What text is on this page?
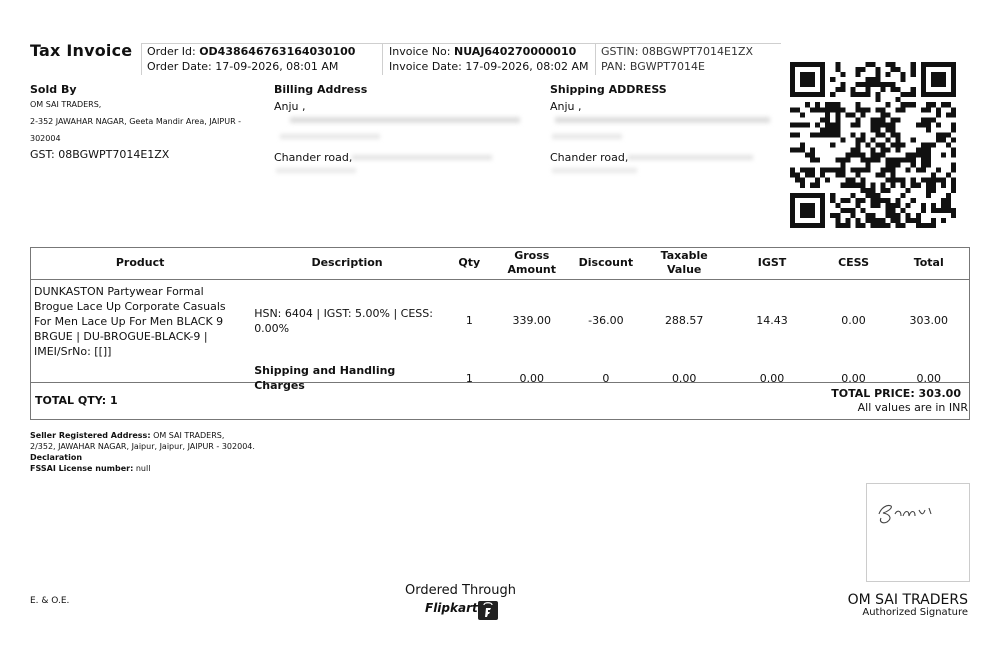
Tax Invoice Order Id: OD438646763164030100
Order Date: 17-09-2026, 08:01 AM
Invoice No: NUAJ640270000010
Invoice Date: 17-09-2026, 08:02 AM
GSTIN: 08BGWPT7014E1ZX
PAN: BGWPT7014E
Sold By
OM SAI TRADERS,
2-352 JAWAHAR NAGAR, Geeta Mandir Area, JAIPUR -
302004
GST: 08BGWPT7014E1ZX
Billing Address
Anju ,
Chander road,
Shipping ADDRESS
Anju ,
Chander road,
Product	Description	Qty	Gross Amount	Discount	Taxable Value	IGST	CESS	Total
DUNKASTON Partywear Formal Brogue Lace Up Corporate Casuals For Men Lace Up For Men BLACK 9 BRGUE | DU-BROGUE-BLACK-9 | IMEI/SrNo: [[]]	HSN: 6404 | IGST: 5.00% | CESS: 0.00%	1	339.00	-36.00	288.57	14.43	0.00	303.00
	Shipping and Handling Charges	1	0.00	0	0.00	0.00	0.00	0.00
TOTAL QTY: 1
TOTAL PRICE: 303.00
All values are in INR
Seller Registered Address: OM SAI TRADERS,
2/352, JAWAHAR NAGAR, Jaipur, Jaipur, JAIPUR - 302004.
Declaration
FSSAI License number: null
E. & O.E.
Ordered Through
Flipkart	OM SAI TRADERS
Authorized Signature
